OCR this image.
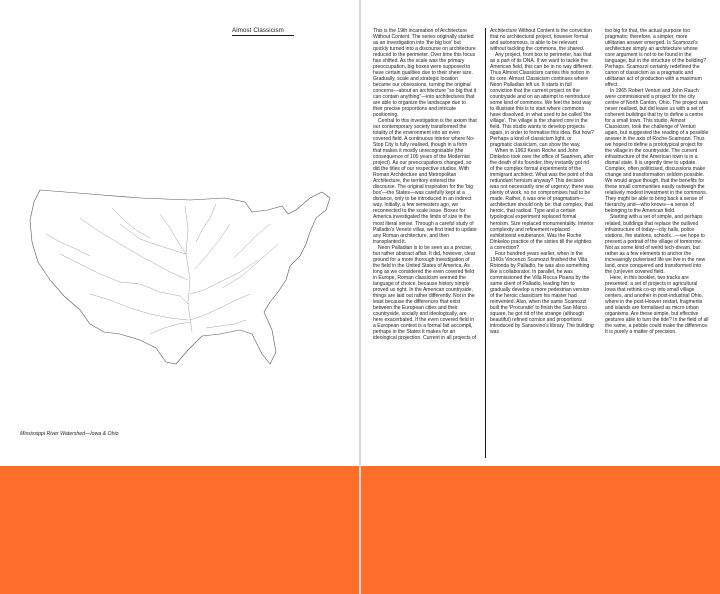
Almost Classicism
Mississippi River Watershed—Iowa & Ohio

This is the 19th incarnation of Architecture Without Content. The series originally started as an investigation into 'the big box' but quickly turned into a discourse on architecture reduced to the perimeter. Over time this focus has shifted. As the scale was the primary preoccupation, big boxes were supposed to have certain qualities due to their sheer size. Gradually, scale and strategic location became our obsessions, turning the original concerns—about an architecture "so big that it can contain anything"—into architectures that are able to organize the landscape due to their precise proportions and intricate positioning.

Central to this investigation is the axiom that our contemporary society transformed the totality of the environment into an even covered field. A continuous interior where No-Stop City is fully realised, though in a form that makes it mostly unrecognisable (the consequence of 100 years of the Modernist project). As our preoccupations changed, so did the titles of our respective studios. With Roman Architecture and Metropolitan Architecture, the territory entered the discourse. The original inspiration for the 'big box'—the States—was carefully kept at a distance, only to be introduced in an indirect way. Initially, a few semesters ago, we reconnected to the scale issue. Boxes for America investigated the limits of size in the most literal sense. Through a careful study of Palladio's Veneto villas, we first tried to update any Roman architecture, and then transplanted it.

Neon Palladian is to be seen as a precise, but rather abstract affair. It did, however, clear ground for a more thorough investigation of the field in the United States of America. As long as we considered the even covered field in Europe, Roman classicism seemed the language of choice, because history simply proved us right. In the American countryside, things are laid out rather differently. Not in the least because the differences that exist between the European cities and their countryside, socially and ideologically, are here exacerbated. If the even covered field in a European context is a formal fait accompli, perhaps in the States it makes for an ideological projection. Current in all projects of

Architecture Without Content is the conviction that no architectural project, however formal and autonomous, is able to be relevant without tackling the commons, the shared.

Any project, from box to perimeter, has that as a part of its DNA. If we want to tackle the American field, this can be in no way different. Thus Almost Classicism carries this notion in its core. Almost Classicism continues where Neon Palladian left us. It starts in full conviction that the current project on the countryside and on an attempt to reintroduce some kind of commons. We feel the best way to illustrate this is to start where commons have dissolved, in what used to be called 'the village'. The village is the shared core in the field. This studio wants to develop projects again, in order to formalise this idea. But how? Perhaps a kind of classicism light, or pragmatic classicism, can show the way.

When in 1963 Kevin Roche and John Dinkeloo took over the office of Saarinen, after the death of its founder, they instantly got rid of the complex formal experiments of the immigrant architect. What was the point of this redundant heroism anyway? This decision was not necessarily one of urgency; there was plenty of work, so no compromises had to be made. Rather, it was one of pragmatism—architecture should only be: that complex, that heroic, that radical. Type and a certain typological experiment replaced formal heroism. Size replaced monumentality. Interior complexity and refinement replaced exhibitionist exuberance. Was the Roche Dinkeloo practice of the sixties till the eighties a correction?

Four hundred years earlier, when in the 1560s Vincenzo Scamozzi finished the Villa Rotonda by Palladio, he was also something like a collaborator. In parallel, he was commissioned the Villa Rocca Pisana by the same client of Palladio, leading him to gradually develop a more pedestrian version of the heroic classicism his master had reinvented. Also, when the same Scamozzi built the 'Procuratie' to finish the San Marco square, he got rid of the strange (although beautiful) refined cornice and proportions introduced by Sansovino's library. The building was

too big for that, the actual purpose too pragmatic; therefore, a simpler, more utilitarian answer emerged. Is Scamozzi's architecture simply an architecture whose core argument is not to be found in the language, but in the structure of the building? Perhaps. Scamozzi certainly redefined the canon of classicism as a pragmatic and utilitarian act of production with a maximum effect.

In 1965 Robert Venturi and John Rauch were commissioned a project for the city centre of North Canton, Ohio. The project was never realised, but did leave us with a set of coherent buildings that try to define a centre for a small town. This studio, Almost Classicism, took the challenge of Venturi again, but suggested the reading of a possible answer in the axis of Roche-Scamozzi. Thus we hoped to define a prototypical project for the village in the countryside. The current infrastructure of the American town is in a dismal state. It is urgently time to update. Complex, often politicised, discussions make change and transformation seldom possible. We would argue though, that the benefits for these small communities easily outweigh the relatively modest investment in the commons. They might be able to bring back a sense of hierarchy and—who knows—a sense of belonging to the American field.

Starting with a set of simple, and perhaps related, buildings that replace the outlived infrastructure of today—city halls, police stations, fire stations, schools...—we hope to present a portrait of the village of tomorrow. Not as some kind of weird tech-dream, but rather as a few elements to anchor the increasingly pulverised life we live in the new land, once conquered and transformed into the (un)even covered field.

Here, in this booklet, two tracks are presented: a set of projects in agricultural Iowa that rethink co-op into small village centers, and another in post-industrial Ohio, where in the post-Hoover restart, fragments and islands are formalised as micro urban organisms. Are these simple, but effective gestures able to turn the tide? In the field of all the same, a pebble could make the difference. It is purely a matter of precision.
